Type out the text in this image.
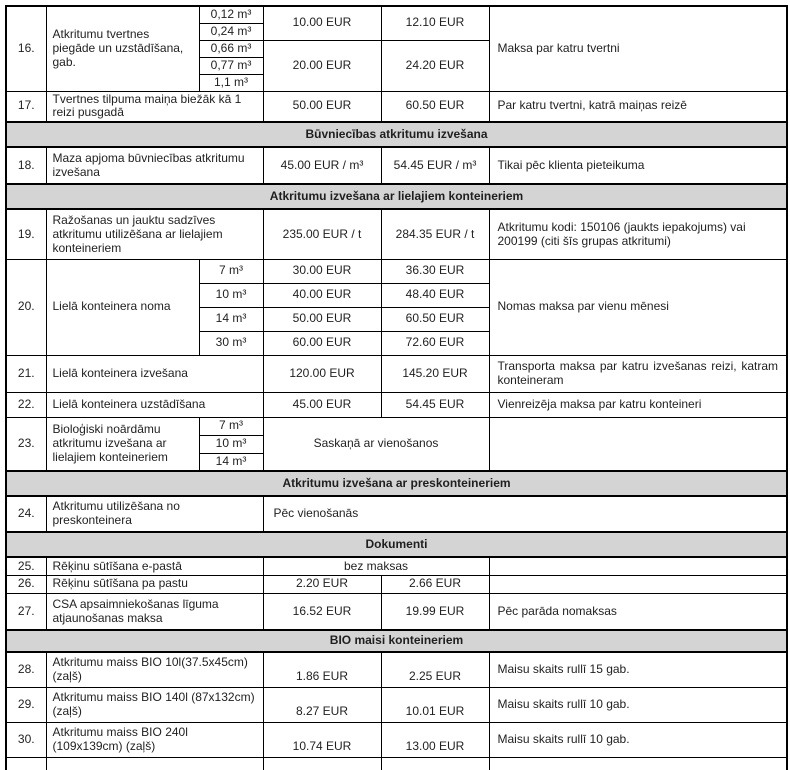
16.	Atkritumu tvertnes piegāde un uzstādīšana, gab.	0,12 m³	10.00 EUR	12.10 EUR	Maksa par katru tvertni
		0,24 m³			
		0,66 m³	20.00 EUR	24.20 EUR	
		0,77 m³			
		1,1 m³			
17.	Tvertnes tilpuma maiņa biežāk kā 1 reizi pusgadā		50.00 EUR	60.50 EUR	Par katru tvertni, katrā maiņas reizē
Būvniecības atkritumu izvešana					
18.	Maza apjoma būvniecības atkritumu izvešana		45.00 EUR / m³	54.45 EUR / m³	Tikai pēc klienta pieteikuma
Atkritumu izvešana ar lielajiem konteineriem					
19.	Ražošanas un jauktu sadzīves atkritumu utilizēšana ar lielajiem konteineriem		235.00 EUR / t	284.35 EUR / t	Atkritumu kodi: 150106 (jaukts iepakojums) vai 200199 (citi šīs grupas atkritumi)
20.	Lielā konteinera noma	7 m³	30.00 EUR	36.30 EUR	Nomas maksa par vienu mēnesi
		10 m³	40.00 EUR	48.40 EUR	
		14 m³	50.00 EUR	60.50 EUR	
		30 m³	60.00 EUR	72.60 EUR	
21.	Lielā konteinera izvešana		120.00 EUR	145.20 EUR	Transporta maksa par katru izvešanas reizi, katram konteineram
22.	Lielā konteinera uzstādīšana		45.00 EUR	54.45 EUR	Vienreizēja maksa par katru konteineri
23.	Bioloģiski noārdāmu atkritumu izvešana ar lielajiem konteineriem	7 m³	Saskaņā ar vienošanos		
		10 m³			
		14 m³			
Atkritumu izvešana ar preskonteineriem					
24.	Atkritumu utilizēšana no preskonteinera		Pēc vienošanās		
Dokumenti					
25.	Rēķinu sūtīšana e-pastā		bez maksas		
26.	Rēķinu sūtīšana pa pastu		2.20 EUR	2.66 EUR	
27.	CSA apsaimniekošanas līguma atjaunošanas maksa		16.52 EUR	19.99 EUR	Pēc parāda nomaksas
BIO maisi konteineriem					
28.	Atkritumu maiss BIO 10l(37.5x45cm) (zaļš)		1.86 EUR	2.25 EUR	Maisu skaits rullī 15 gab.
29.	Atkritumu maiss BIO 140l (87x132cm) (zaļš)		8.27 EUR	10.01 EUR	Maisu skaits rullī 10 gab.
30.	Atkritumu maiss BIO 240l (109x139cm) (zaļš)		10.74 EUR	13.00 EUR	Maisu skaits rullī 10 gab.
